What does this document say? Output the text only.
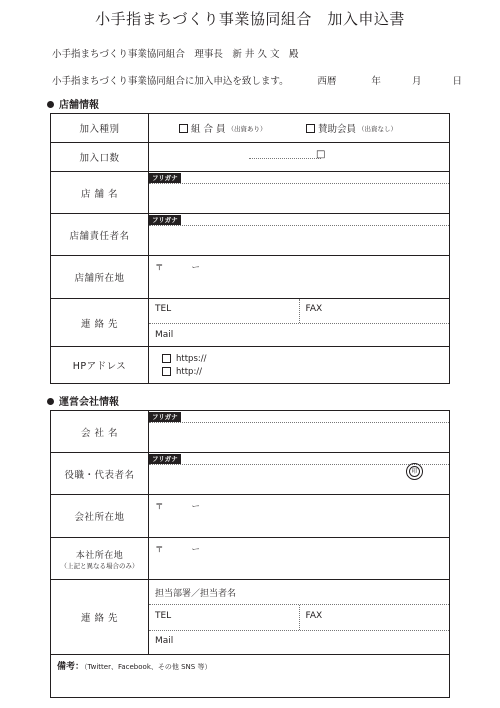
小手指まちづくり事業協同組合　加入申込書
小手指まちづくり事業協同組合　理事長　新 井 久 文　殿
小手指まちづくり事業協同組合に加入申込を致します。	西暦	年	月	日
店舗情報
加入種別	組 合 員 （出資あり） 賛助会員 （出資なし）

加入口数	□

店 舗 名	フリガナ

店舗責任者名	フリガナ

店舗所在地	〒 ー

連 絡 先	TEL FAX
Mail

HPアドレス	https://
http://
運営会社情報
会 社 名	フリガナ

役職・代表者名	フリガナ
印

会社所在地	〒 ー

本社所在地
（上記と異なる場合のみ）	〒 ー

連 絡 先	担当部署／担当者名
TEL FAX
Mail
備考：（Twitter、Facebook、その他 SNS 等）
